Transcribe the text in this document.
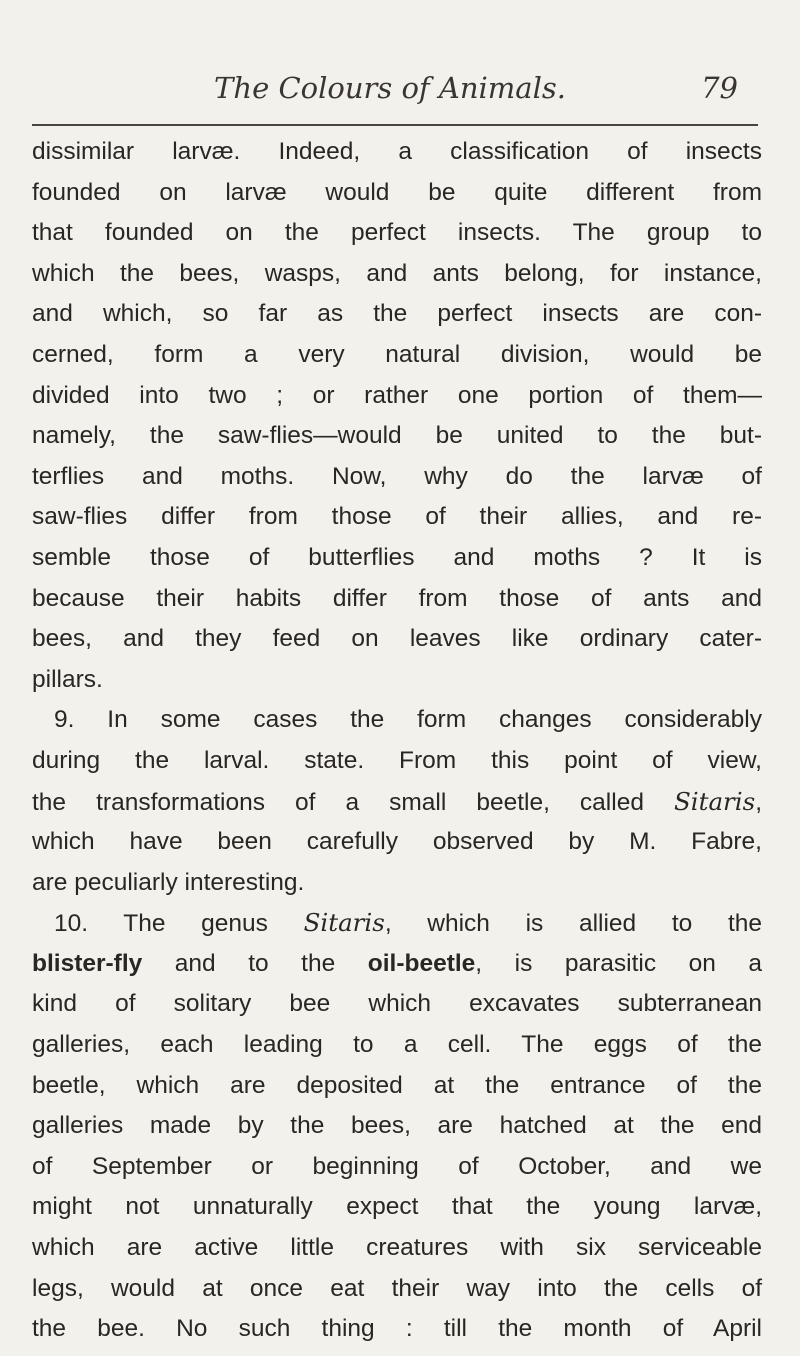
The Colours of Animals.	79
dissimilar larvæ. Indeed, a classification of insects
founded on larvæ would be quite different from
that founded on the perfect insects. The group to
which the bees, wasps, and ants belong, for instance,
and which, so far as the perfect insects are con-
cerned, form a very natural division, would be
divided into two ; or rather one portion of them—
namely, the saw-flies—would be united to the but-
terflies and moths. Now, why do the larvæ of
saw-flies differ from those of their allies, and re-
semble those of butterflies and moths ? It is
because their habits differ from those of ants and
bees, and they feed on leaves like ordinary cater-
pillars.
9. In some cases the form changes considerably
during the larval. state. From this point of view,
the transformations of a small beetle, called Sitaris,
which have been carefully observed by M. Fabre,
are peculiarly interesting.
10. The genus Sitaris, which is allied to the
blister-fly and to the oil-beetle, is parasitic on a
kind of solitary bee which excavates subterranean
galleries, each leading to a cell. The eggs of the
beetle, which are deposited at the entrance of the
galleries made by the bees, are hatched at the end
of September or beginning of October, and we
might not unnaturally expect that the young larvæ,
which are active little creatures with six serviceable
legs, would at once eat their way into the cells of
the bee. No such thing : till the month of April
